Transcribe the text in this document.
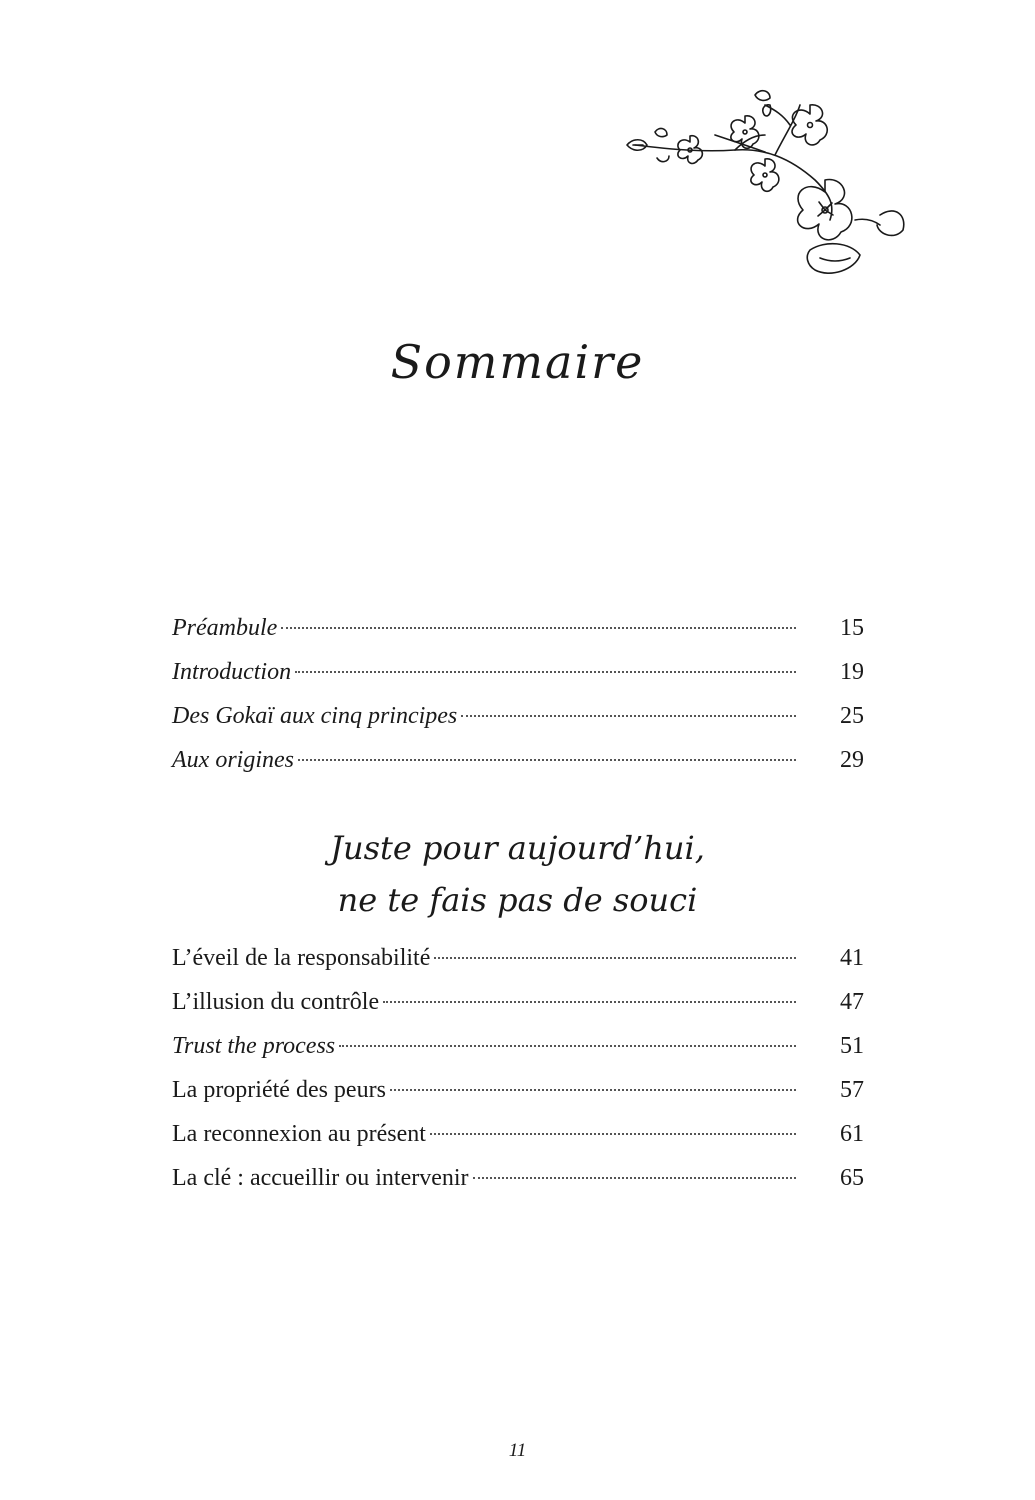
Sommaire
Préambule	15
Introduction	19
Des Gokaï aux cinq principes	25
Aux origines	29
Juste pour aujourd’hui,
ne te fais pas de souci
L’éveil de la responsabilité	41
L’illusion du contrôle	47
Trust the process	51
La propriété des peurs	57
La reconnexion au présent	61
La clé : accueillir ou intervenir	65
11
